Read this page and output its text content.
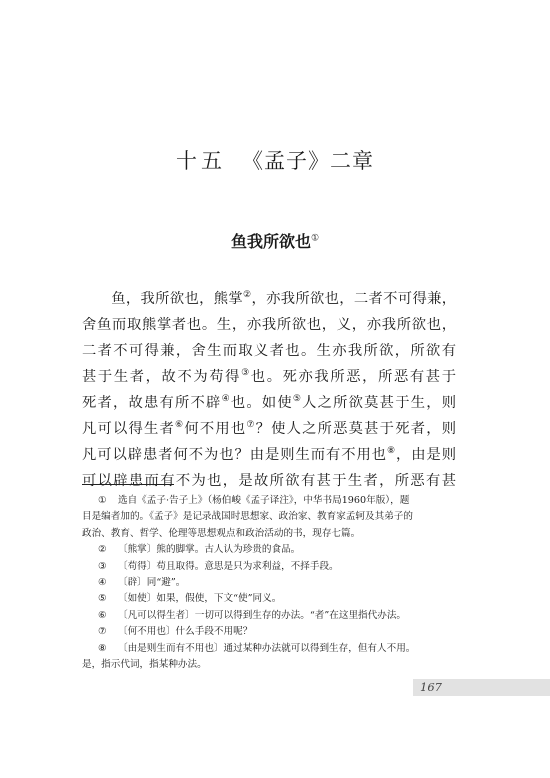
十五 《孟子》二章
鱼我所欲也①
　　鱼，我所欲也，熊掌②，亦我所欲也，二者不可得兼，
舍鱼而取熊掌者也。生，亦我所欲也，义，亦我所欲也，
二者不可得兼，舍生而取义者也。生亦我所欲，所欲有
甚于生者，故不为苟得③也。死亦我所恶，所恶有甚于
死者，故患有所不辟④也。如使⑤人之所欲莫甚于生，则
凡可以得生者⑥何不用也⑦？使人之所恶莫甚于死者，则
凡可以辟患者何不为也？由是则生而有不用也⑧，由是则
可以辟患而有不为也，是故所欲有甚于生者，所恶有甚
① 选自《孟子·告子上》（杨伯峻《孟子译注》，中华书局1960年版），题
目是编者加的。《孟子》是记录战国时思想家、政治家、教育家孟轲及其弟子的
政治、教育、哲学、伦理等思想观点和政治活动的书，现存七篇。
② 〔熊掌〕熊的脚掌。古人认为珍贵的食品。
③ 〔苟得〕苟且取得。意思是只为求利益，不择手段。
④ 〔辟〕同“避”。
⑤ 〔如使〕如果，假使，下文“使”同义。
⑥ 〔凡可以得生者〕一切可以得到生存的办法。“者”在这里指代办法。
⑦ 〔何不用也〕什么手段不用呢？
⑧ 〔由是则生而有不用也〕通过某种办法就可以得到生存，但有人不用。
是，指示代词，指某种办法。
167
